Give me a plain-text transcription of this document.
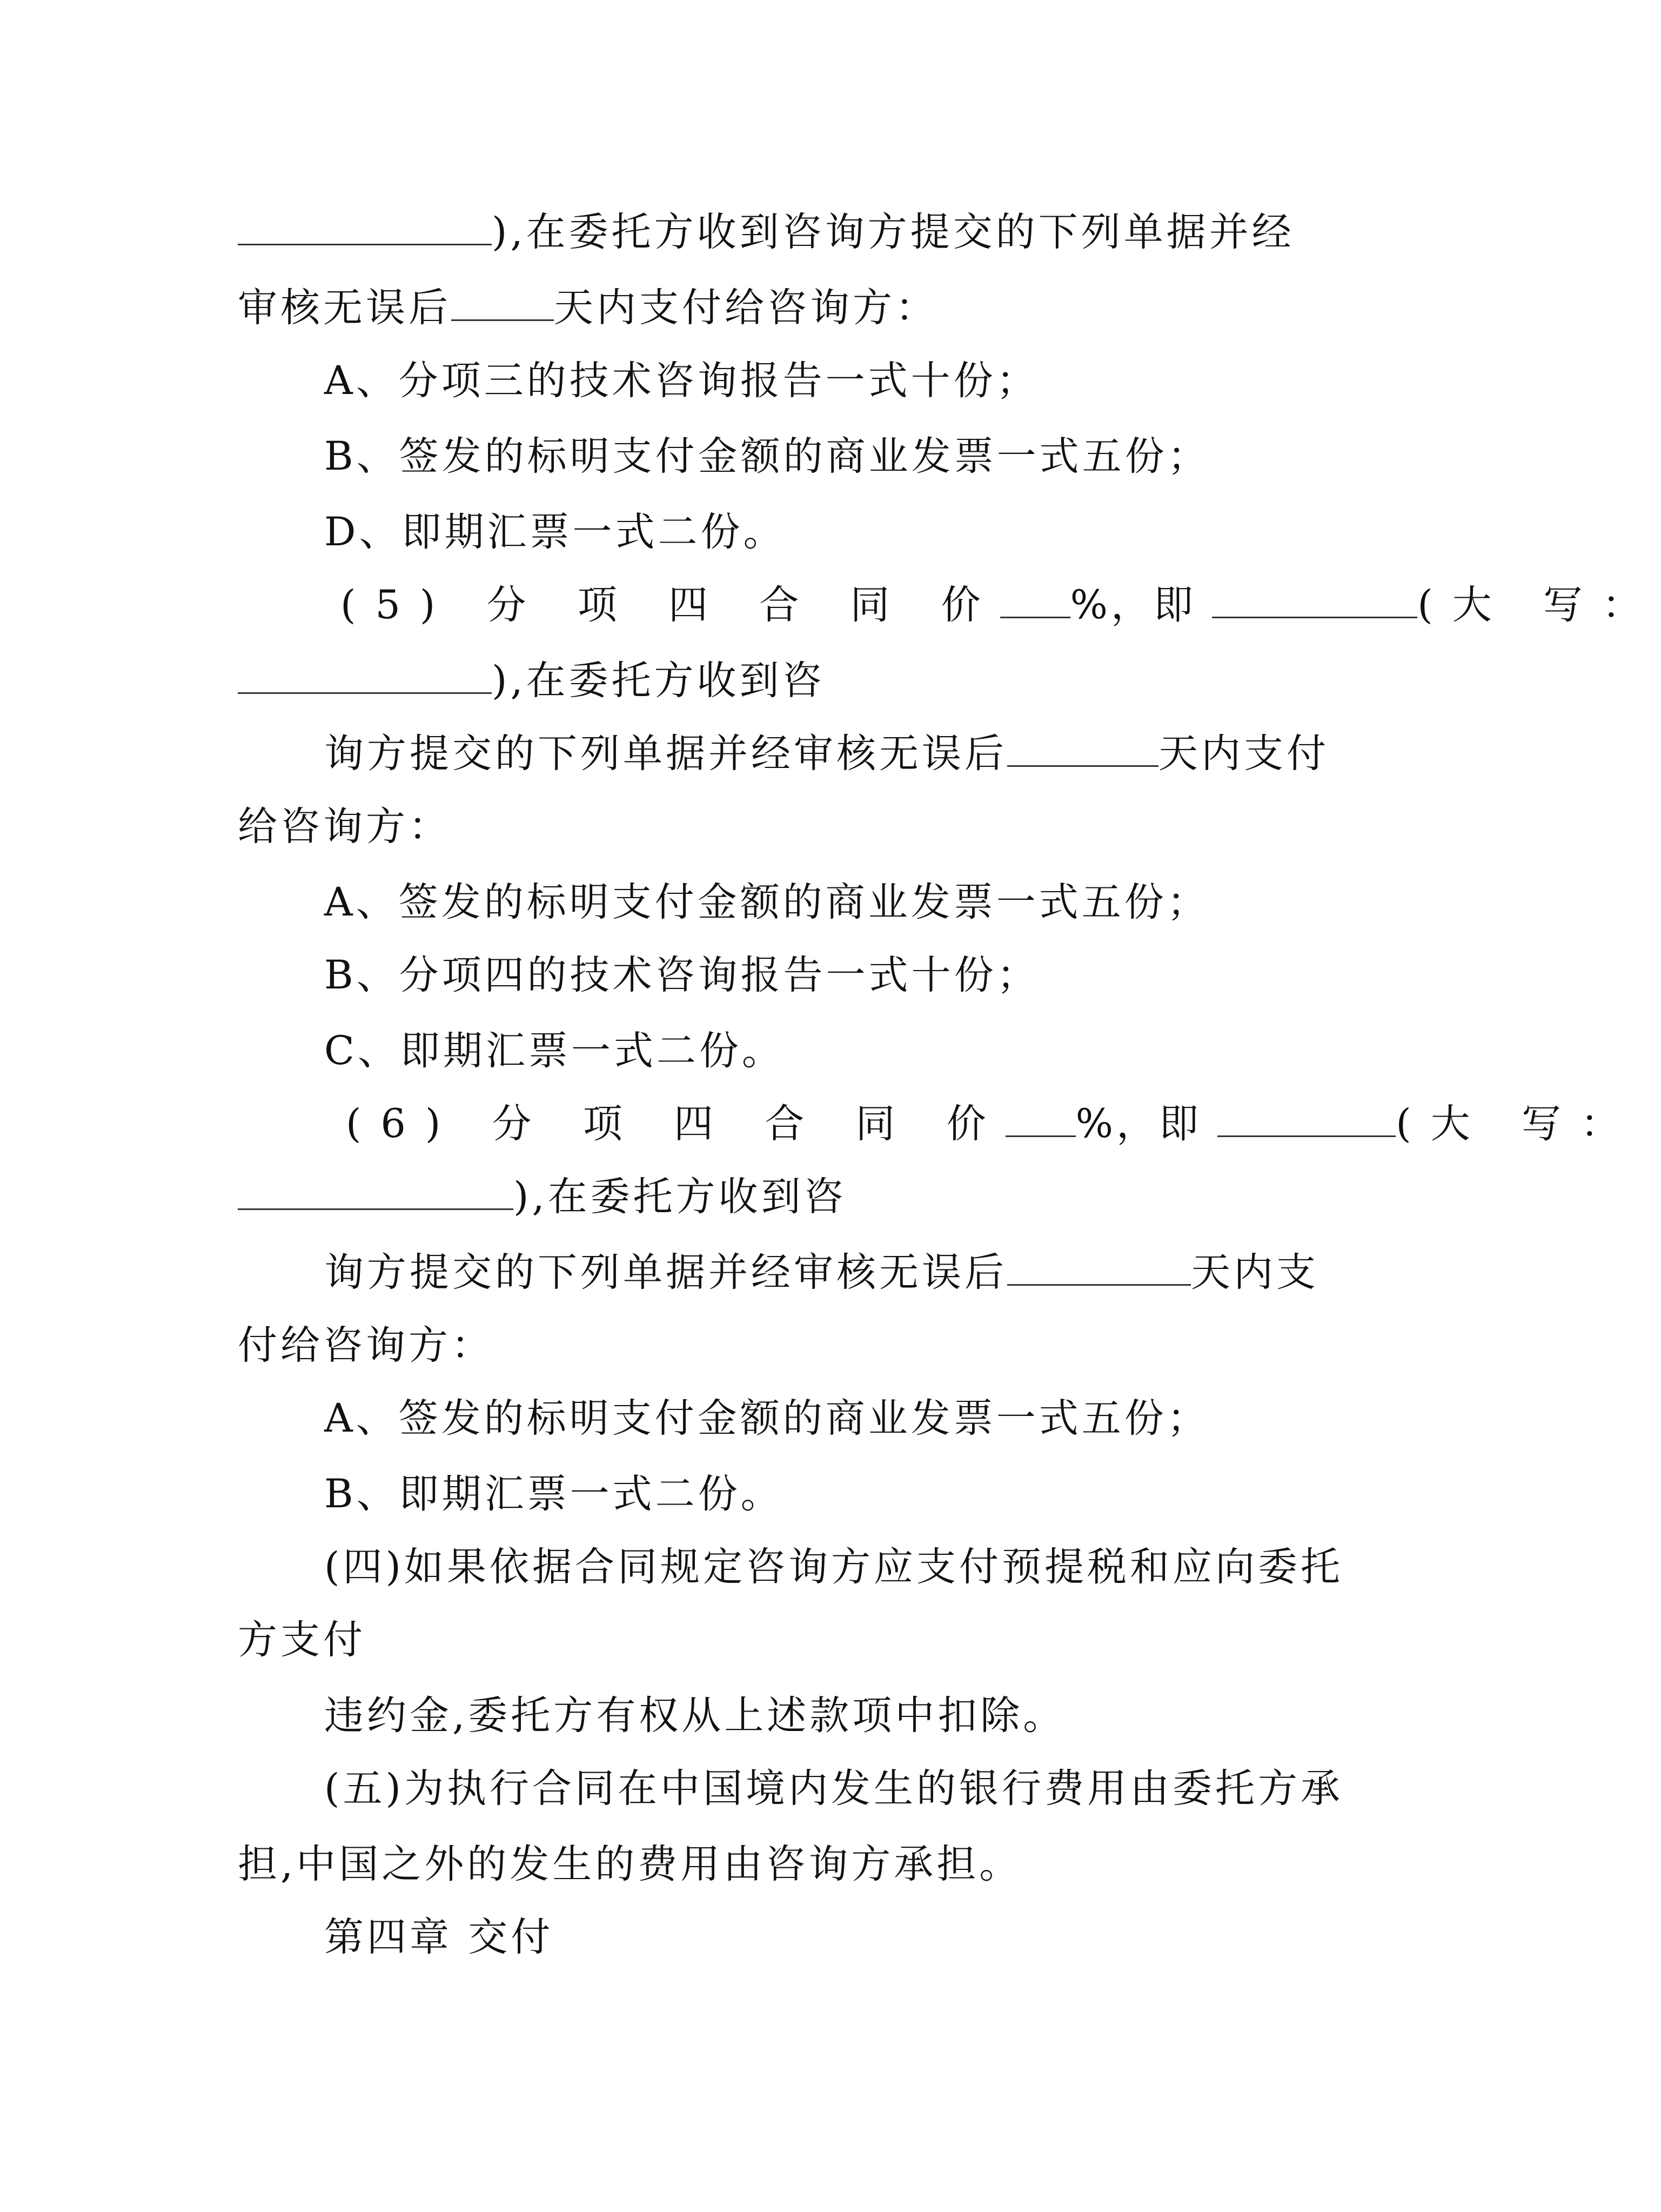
),在委托方收到咨询方提交的下列单据并经
审核无误后	天内支付给咨询方：
A、分项三的技术咨询报告一式十份；
B、签发的标明支付金额的商业发票一式五份；
D、即期汇票一式二份。
(5) 分 项 四 合 同 价 %，即	(大 写：
),在委托方收到咨
询方提交的下列单据并经审核无误后	天内支付
给咨询方：
A、签发的标明支付金额的商业发票一式五份；
B、分项四的技术咨询报告一式十份；
C、即期汇票一式二份。
(6) 分 项 四 合 同 价 %，即	(大 写：
),在委托方收到咨
询方提交的下列单据并经审核无误后	天内支
付给咨询方：
A、签发的标明支付金额的商业发票一式五份；
B、即期汇票一式二份。
(四)如果依据合同规定咨询方应支付预提税和应向委托
方支付
违约金,委托方有权从上述款项中扣除。
(五)为执行合同在中国境内发生的银行费用由委托方承
担,中国之外的发生的费用由咨询方承担。
第四章 交付
